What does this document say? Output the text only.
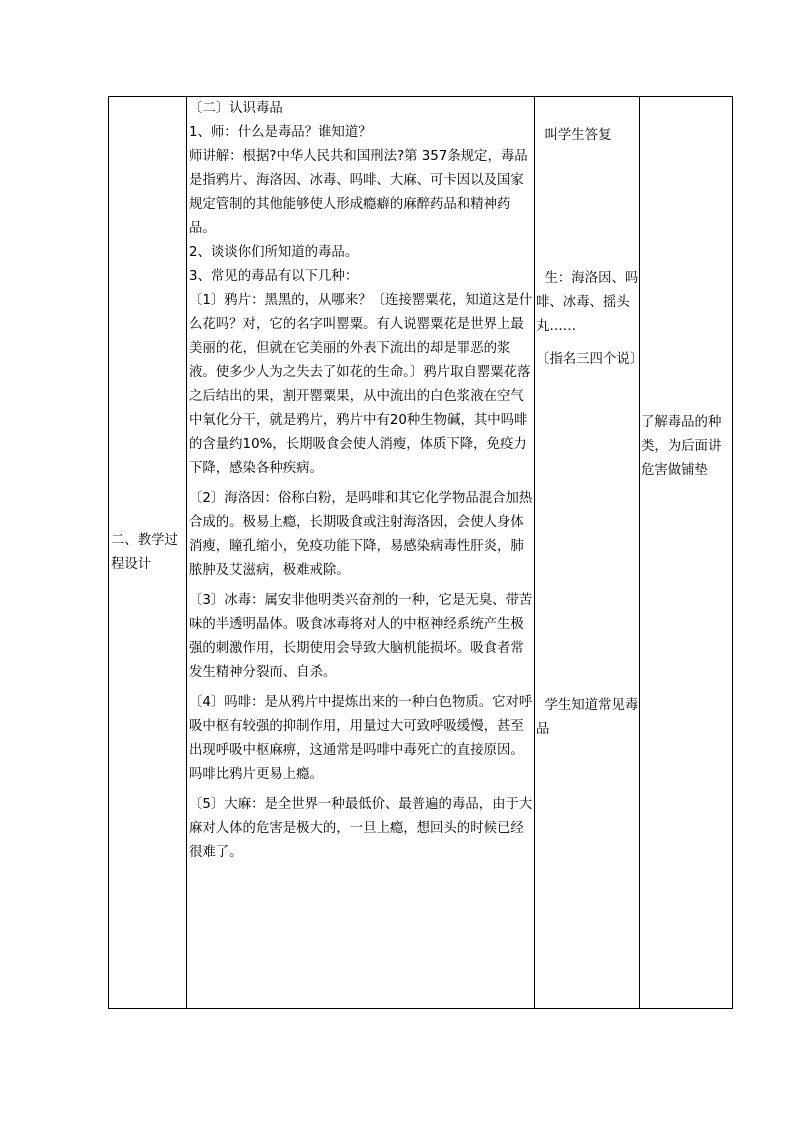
二、教学过程设计

〔二〕认识毒品

1、师：什么是毒品？谁知道？

师讲解：根据?中华人民共和国刑法?第 357条规定，毒品是指鸦片、海洛因、冰毒、吗啡、大麻、可卡因以及国家规定管制的其他能够使人形成瘾癖的麻醉药品和精神药品。

2、谈谈你们所知道的毒品。

3、常见的毒品有以下几种：

〔1〕鸦片：黑黑的，从哪来？〔连接罂粟花，知道这是什么花吗？对，它的名字叫罂粟。有人说罂粟花是世界上最美丽的花，但就在它美丽的外表下流出的却是罪恶的浆液。使多少人为之失去了如花的生命。〕鸦片取自罂粟花落之后结出的果，割开罂粟果，从中流出的白色浆液在空气中氧化分干，就是鸦片，鸦片中有20种生物碱，其中吗啡的含量约10%，长期吸食会使人消瘦，体质下降，免疫力下降，感染各种疾病。

〔2〕海洛因：俗称白粉，是吗啡和其它化学物品混合加热合成的。极易上瘾，长期吸食或注射海洛因，会使人身体消瘦，瞳孔缩小，免疫功能下降，易感染病毒性肝炎，肺脓肿及艾滋病，极难戒除。

〔3〕冰毒：属安非他明类兴奋剂的一种，它是无臭、带苦味的半透明晶体。吸食冰毒将对人的中枢神经系统产生极强的刺激作用，长期使用会导致大脑机能损坏。吸食者常发生精神分裂而、自杀。

〔4〕吗啡：是从鸦片中提炼出来的一种白色物质。它对呼吸中枢有较强的抑制作用，用量过大可致呼吸缓慢，甚至出现呼吸中枢麻痹，这通常是吗啡中毒死亡的直接原因。吗啡比鸦片更易上瘾。

〔5〕大麻：是全世界一种最低价、最普遍的毒品，由于大麻对人体的危害是极大的，一旦上瘾，想回头的时候已经很难了。

叫学生答复

生：海洛因、吗啡、冰毒、摇头丸……

〔指名三四个说〕

学生知道常见毒品

了解毒品的种类，为后面讲危害做铺垫
